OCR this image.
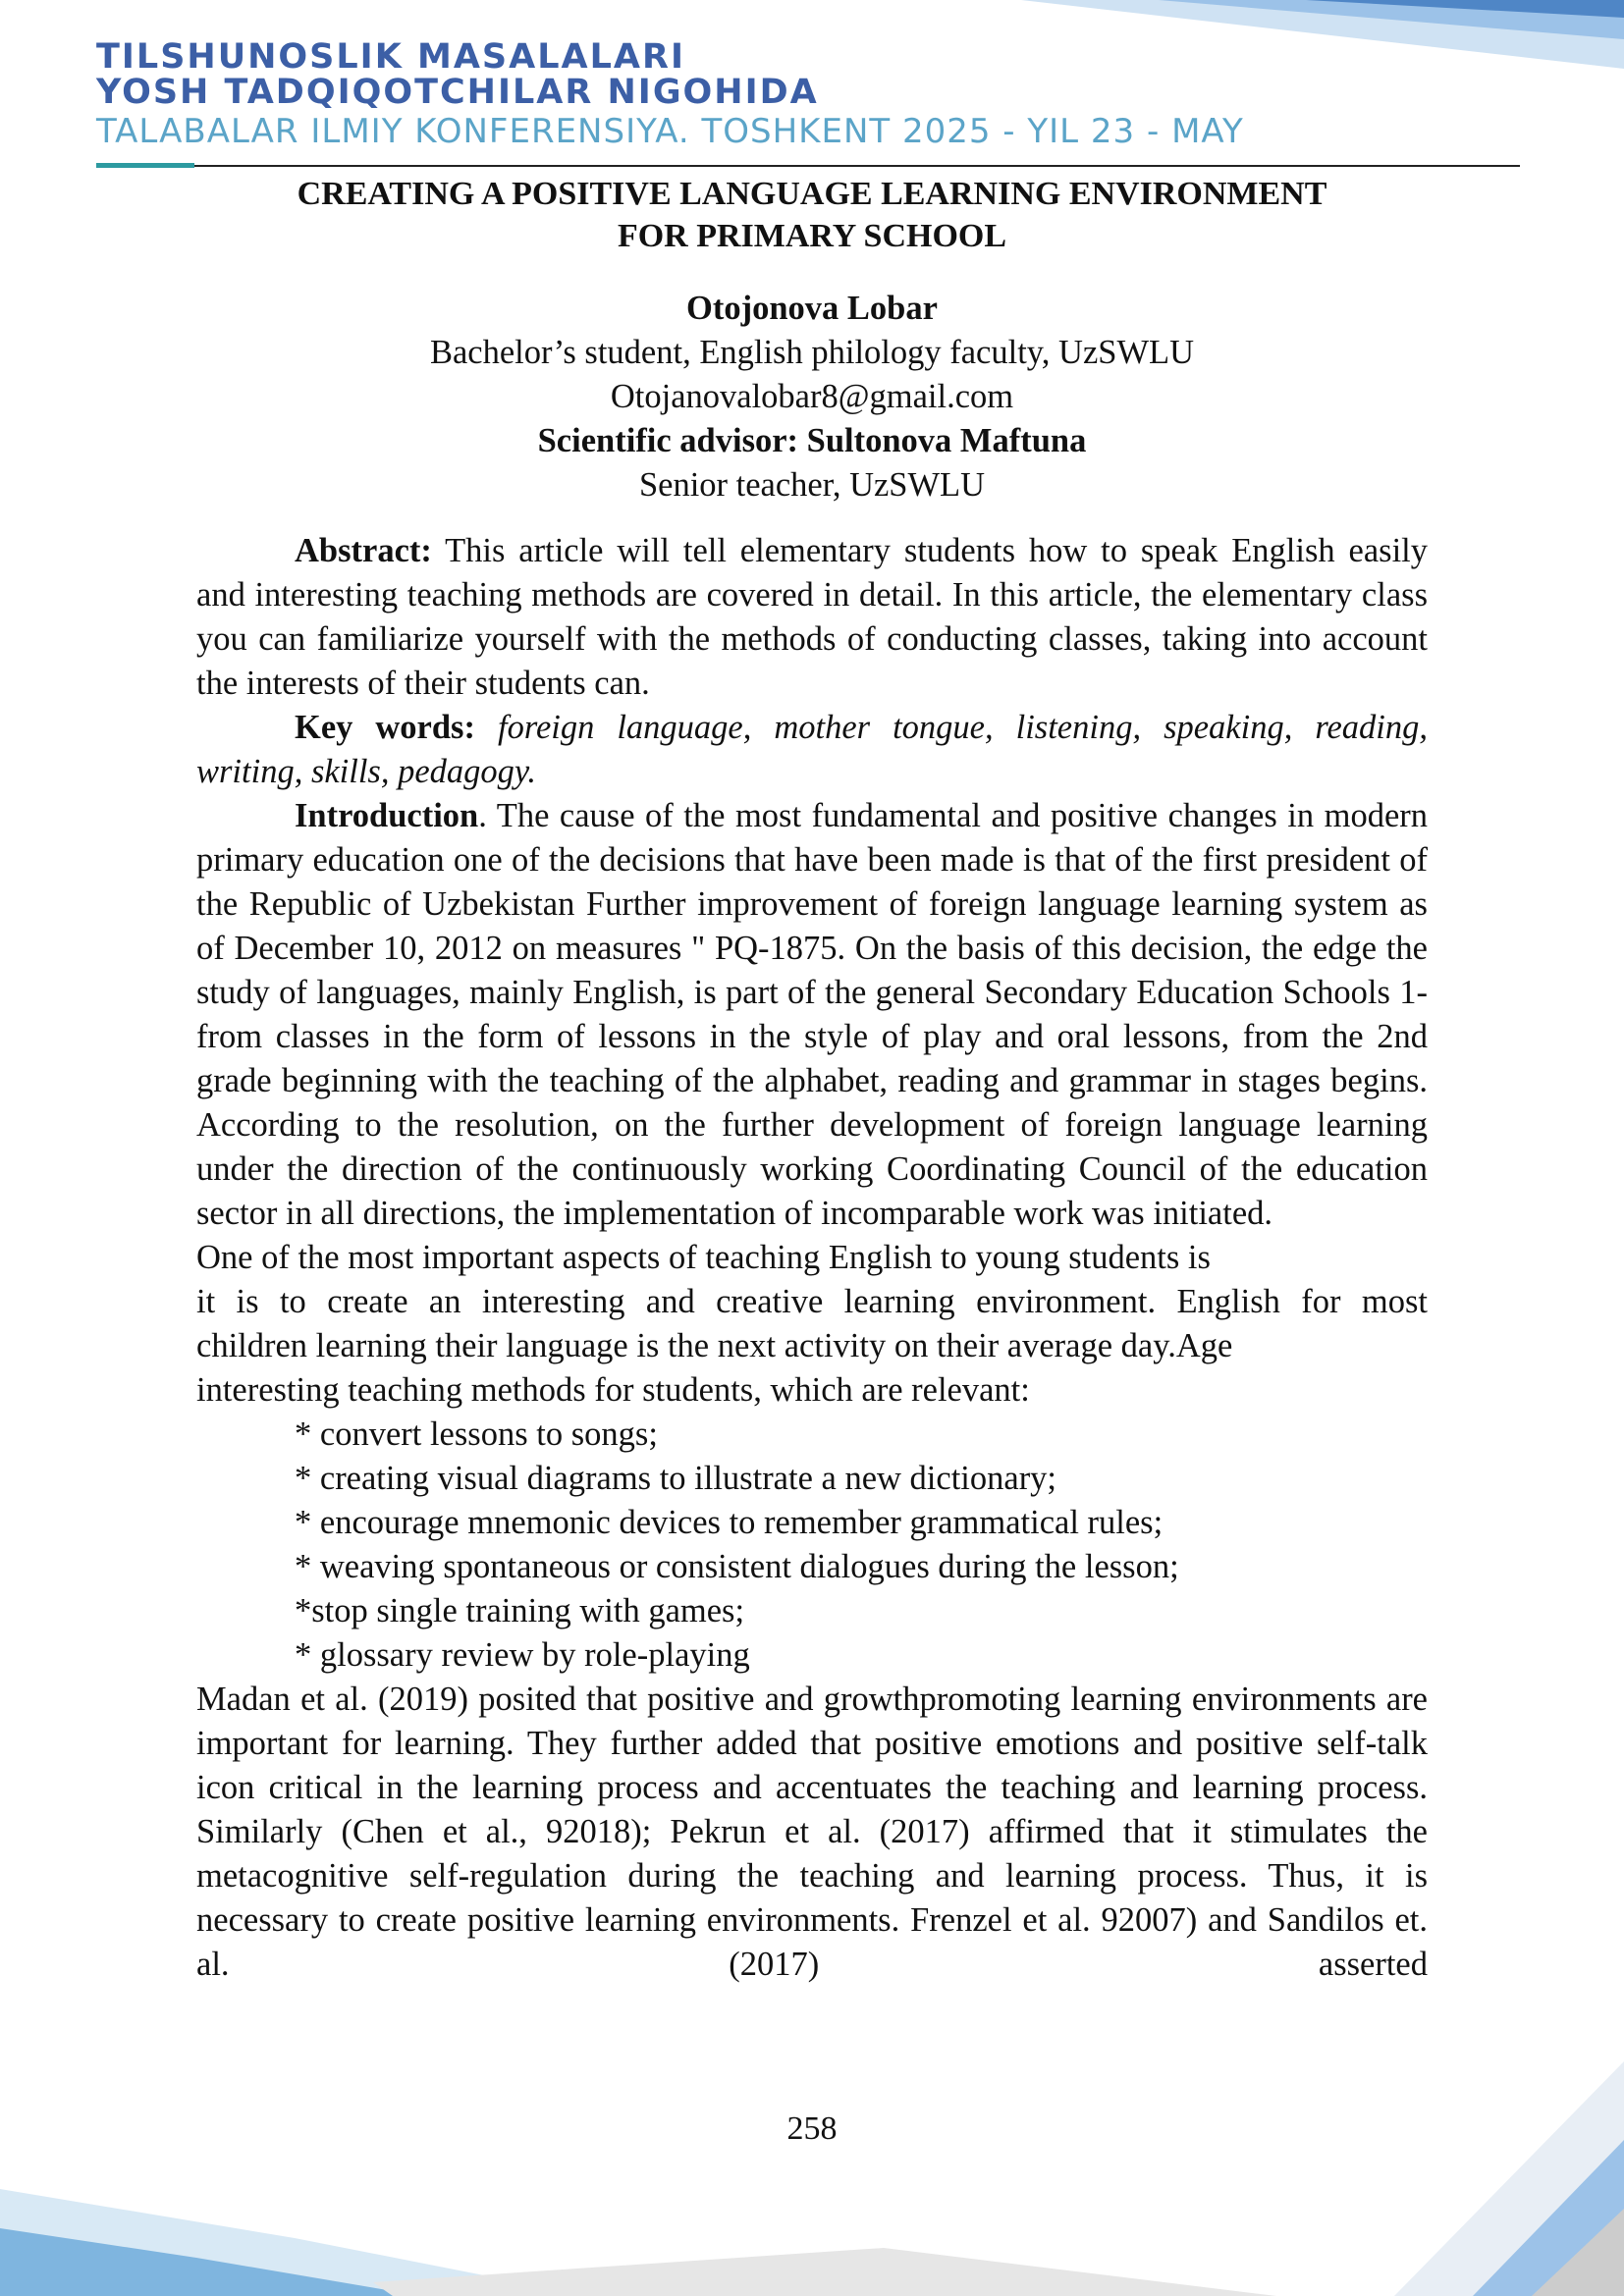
TILSHUNOSLIK MASALALARI
YOSH TADQIQOTCHILAR NIGOHIDA
TALABALAR ILMIY KONFERENSIYA. TOSHKENT 2025 - YIL 23 - MAY
CREATING A POSITIVE LANGUAGE LEARNING ENVIRONMENT
FOR PRIMARY SCHOOL
Otojonova Lobar
Bachelor’s student, English philology faculty, UzSWLU
Otojanovalobar8@gmail.com
Scientific advisor: Sultonova Maftuna
Senior teacher, UzSWLU
Abstract: This article will tell elementary students how to speak English easily and interesting teaching methods are covered in detail. In this article, the elementary class you can familiarize yourself with the methods of conducting classes, taking into account the interests of their students can.
Key words: foreign language, mother tongue, listening, speaking, reading, writing, skills, pedagogy.
Introduction. The cause of the most fundamental and positive changes in modern primary education one of the decisions that have been made is that of the first president of the Republic of Uzbekistan Further improvement of foreign language learning system as of December 10, 2012 on measures " PQ-1875. On the basis of this decision, the edge the study of languages, mainly English, is part of the general Secondary Education Schools 1- from classes in the form of lessons in the style of play and oral lessons, from the 2nd grade beginning with the teaching of the alphabet, reading and grammar in stages begins. According to the resolution, on the further development of foreign language learning under the direction of the continuously working Coordinating Council of the education sector in all directions, the implementation of incomparable work was initiated.
One of the most important aspects of teaching English to young students is
it is to create an interesting and creative learning environment. English for most
children learning their language is the next activity on their average day.Age
interesting teaching methods for students, which are relevant:
* convert lessons to songs;
* creating visual diagrams to illustrate a new dictionary;
* encourage mnemonic devices to remember grammatical rules;
* weaving spontaneous or consistent dialogues during the lesson;
*stop single training with games;
* glossary review by role-playing
Madan et al. (2019) posited that positive and growthpromoting learning environments are important for learning. They further added that positive emotions and positive self-talk icon critical in the learning process and accentuates the teaching and learning process. Similarly (Chen et al., 92018); Pekrun et al. (2017) affirmed that it stimulates the metacognitive self-regulation during the teaching and learning process. Thus, it is necessary to create positive learning environments. Frenzel et al. 92007) and Sandilos et. al. (2017) asserted
258
